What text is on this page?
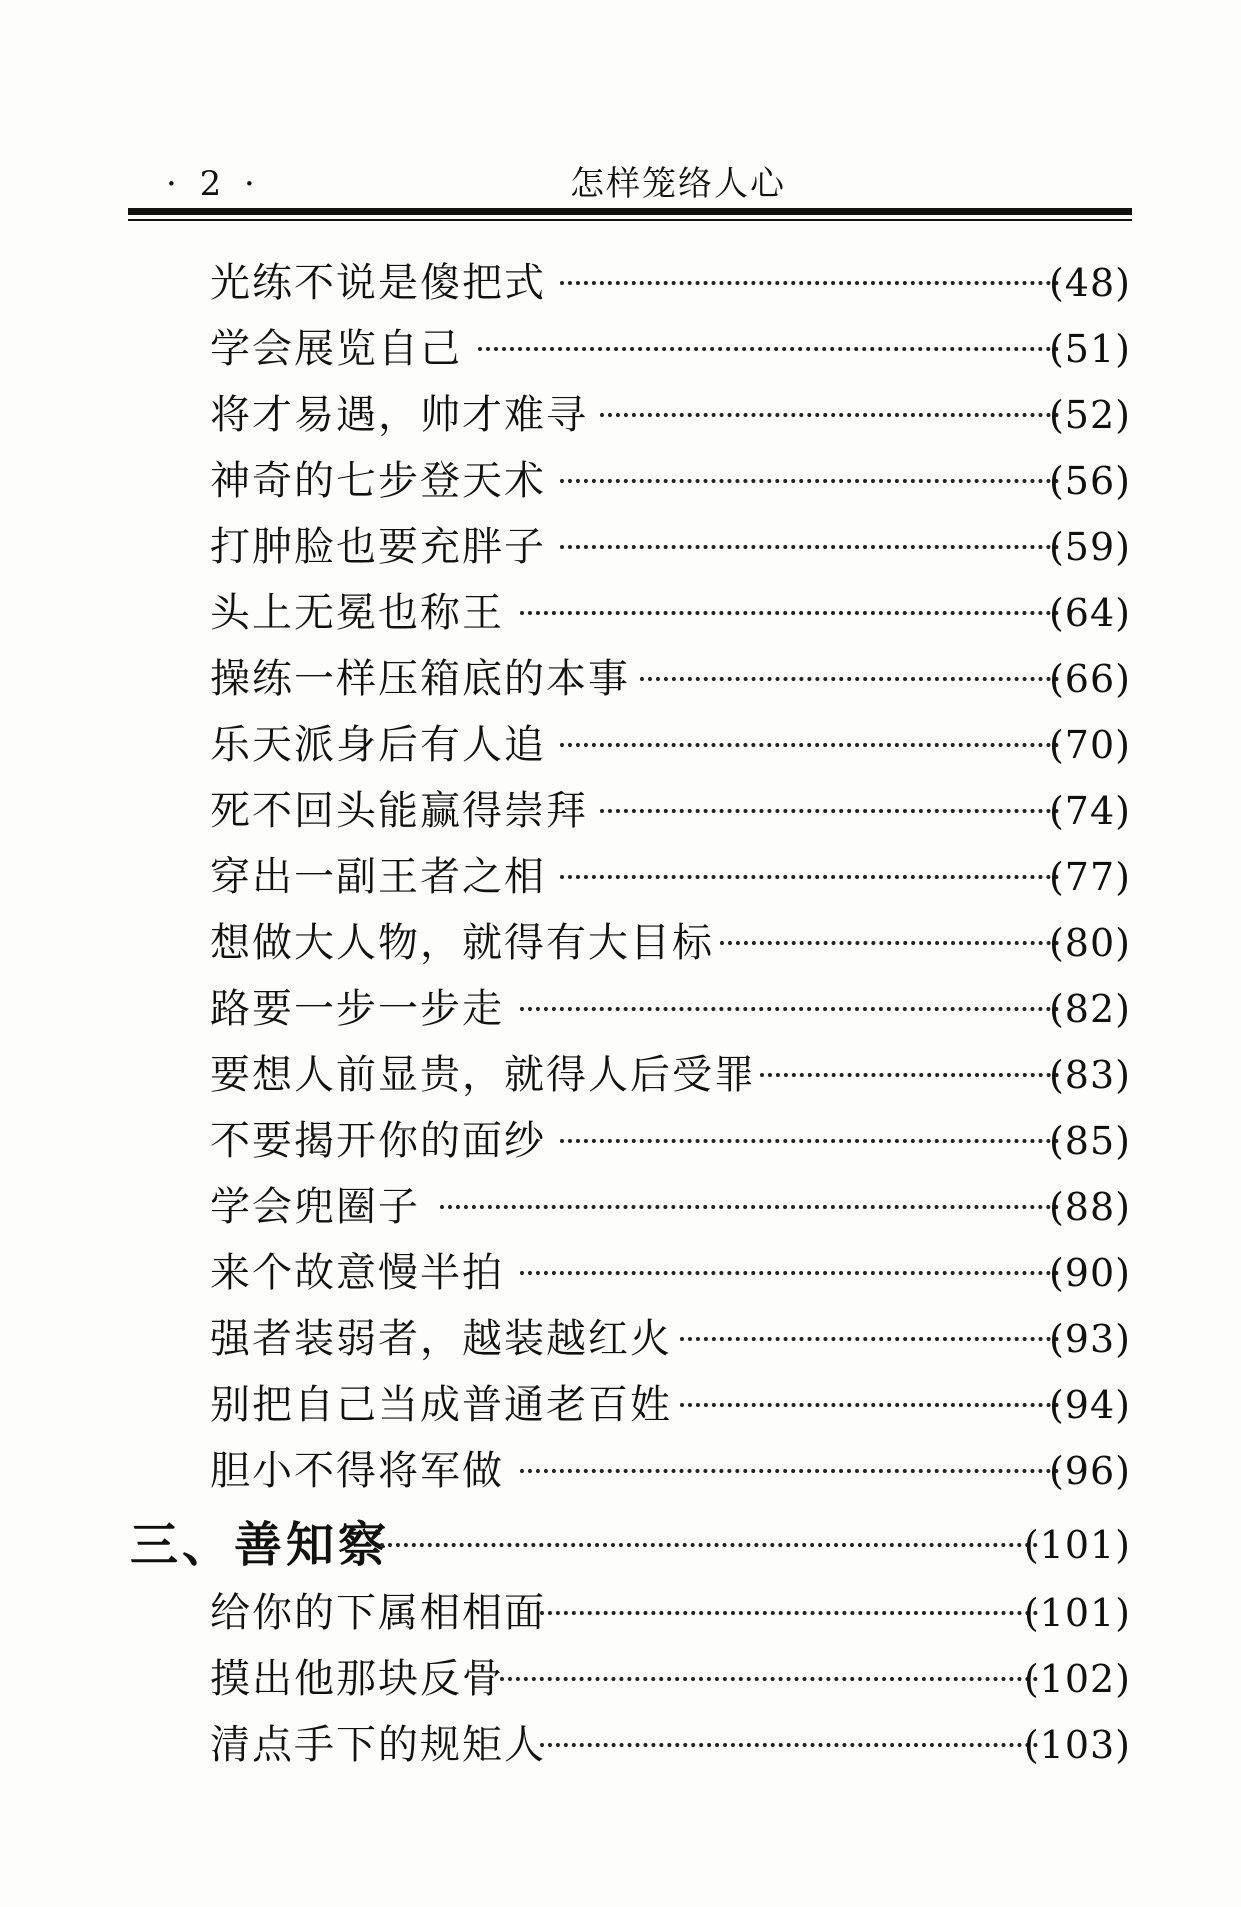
· 2 ·	怎样笼络人心
光练不说是傻把式	(48)
学会展览自己	(51)
将才易遇，帅才难寻	(52)
神奇的七步登天术	(56)
打肿脸也要充胖子	(59)
头上无冕也称王	(64)
操练一样压箱底的本事	(66)
乐天派身后有人追	(70)
死不回头能赢得崇拜	(74)
穿出一副王者之相	(77)
想做大人物，就得有大目标	(80)
路要一步一步走	(82)
要想人前显贵，就得人后受罪	(83)
不要揭开你的面纱	(85)
学会兜圈子	(88)
来个故意慢半拍	(90)
强者装弱者，越装越红火	(93)
别把自己当成普通老百姓	(94)
胆小不得将军做	(96)
三、善知察	(101)
给你的下属相相面	(101)
摸出他那块反骨	(102)
清点手下的规矩人	(103)
